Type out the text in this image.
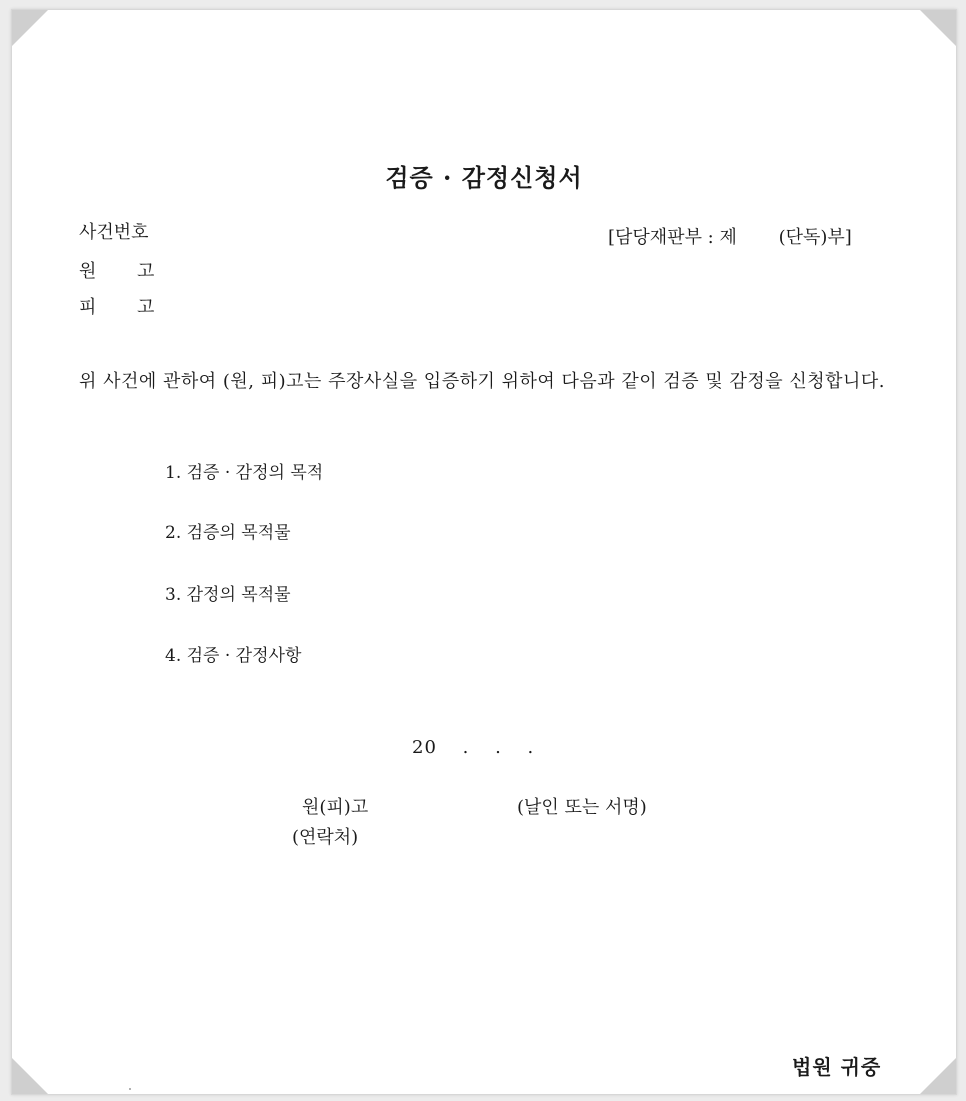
검증 · 감정신청서
사건번호	[담당재판부 : 제　　 (단독)부]
원 고
피 고
위 사건에 관하여 (원, 피)고는 주장사실을 입증하기 위하여 다음과 같이 검증 및 감정을 신청합니다.
1. 검증 · 감정의 목적
2. 검증의 목적물
3. 감정의 목적물
4. 검증 · 감정사항
20　 .　 .　 .
원(피)고	(날인 또는 서명)
(연락처)
법원 귀중
